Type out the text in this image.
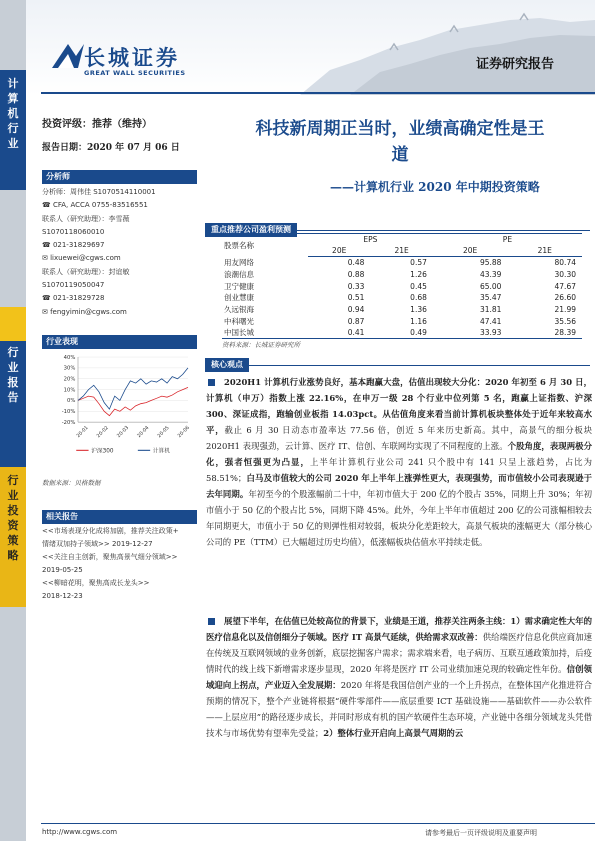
长城证券
GREAT WALL SECURITIES
证券研究报告
计
算
机
行
业
行
业
报
告
行
业
投
资
策
略
投资评级：推荐（维持）
报告日期：2020 年 07 月 06 日
分析师
分析师：周伟佳 S1070514110001
☎ CFA, ACCA 0755-83516551
联系人（研究助理）：李雪薇
S1070118060010
☎ 021-31829697
✉ lixuewei@cgws.com
联系人（研究助理）：封谊敏
S1070119050047
☎ 021-31829728
✉ fengyimin@cgws.com
行业表现
40%
30%
20%
10%
0%
-10%
-20%
20-01 20-02 20-03 20-04 20-05 20-06
沪深300	计算机
数据来源：贝格数据
相关报告
<<市场表现分化成将加剧，推荐关注政策+
情绪双加持子领域>> 2019-12-27
<<关注自主创新，聚焦高景气细分领域>>
2019-05-25
<<柳暗花明，聚焦高成长龙头>>
2018-12-23
科技新周期正当时，业绩高确定性是王
道
——计算机行业 2020 年中期投资策略
重点推荐公司盈利预测
股票名称	EPS		PE	
	20E	21E	20E	21E
用友网络	0.48	0.57	95.88	80.74
浪潮信息	0.88	1.26	43.39	30.30
卫宁健康	0.33	0.45	65.00	47.67
创业慧康	0.51	0.68	35.47	26.60
久远银海	0.94	1.36	31.81	21.99
中科曙光	0.87	1.16	47.41	35.56
中国长城	0.41	0.49	33.93	28.39
资料来源：长城证券研究所
核心观点
2020H1 计算机行业涨势良好，基本跑赢大盘，估值出现较大分化：2020 年初至 6 月 30 日，计算机（申万）指数上涨 22.16%，在申万一级 28 个行业中位列第 5 名，跑赢上证指数、沪深 300、深证成指，跑输创业板指 14.03pct。从估值角度来看当前计算机板块整体处于近年来较高水平，截止 6 月 30 日动态市盈率达 77.56 倍，创近 5 年来历史新高。其中，高景气的细分板块 2020H1 表现强劲，云计算、医疗 IT、信创、车联网均实现了不同程度的上涨。个股角度，表现两极分化，强者恒强更为凸显，上半年计算机行业公司 241 只个股中有 141 只呈上涨趋势，占比为 58.51%；白马及市值较大的公司 2020 年上半年上涨弹性更大，表现强势，而市值较小公司表现逊于去年同期。年初至今的个股涨幅前二十中，年初市值大于 200 亿的个股占 35%，同期上升 30%；年初市值小于 50 亿的个股占比 5%，同期下降 45%。此外，今年上半年市值超过 200 亿的公司涨幅相较去年同期更大，市值小于 50 亿的则弹性相对较弱，板块分化差距较大，高景气板块的涨幅更大（部分核心公司的 PE（TTM）已大幅超过历史均值），低涨幅板块估值水平持续走低。
展望下半年，在估值已处较高位的背景下，业绩是王道，推荐关注两条主线：1）需求确定性大年的医疗信息化以及信创细分子领域。医疗 IT 高景气延续，供给需求双改善：供给端医疗信息化供应商加速在传统及互联网领域的业务创新，底层挖掘客户需求；需求端来看，电子病历、互联互通政策加持，后疫情时代的线上线下新增需求逐步显现，2020 年将是医疗 IT 公司业绩加速兑现的较确定性年份。信创领域迎向上拐点，产业迈入全发展期：2020 年将是我国信创产业的一个上升拐点，在整体国产化推进符合预期的情况下，整个产业链将根据“硬件零部件——底层重要 ICT 基础设施——基础软件——办公软件——上层应用”的路径逐步成长，并同时形成有机的国产软硬件生态环境，产业链中各细分领域龙头凭借技术与市场优势有望率先受益；2）整体行业开启向上高景气周期的云
http://www.cgws.com	请参考最后一页评级说明及重要声明
